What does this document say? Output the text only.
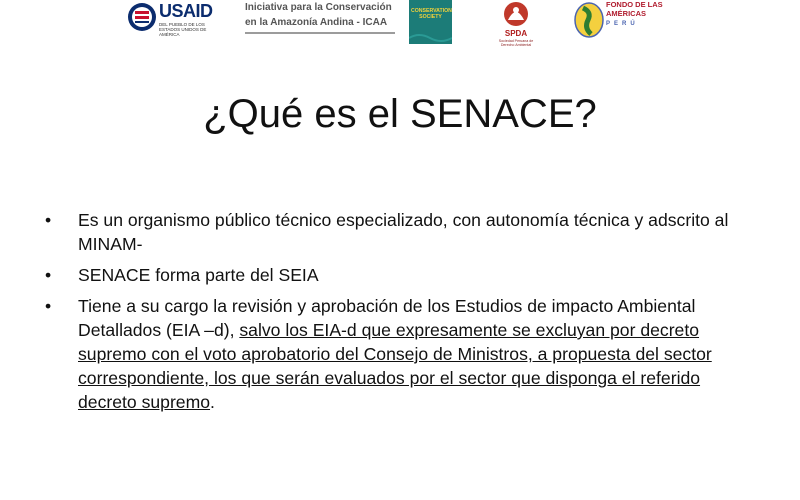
USAID
DEL PUEBLO DE LOS ESTADOS UNIDOS DE AMÉRICA
Iniciativa para la Conservación
en la Amazonía Andina - ICAA
CONSERVATION SOCIETY
SPDA
Sociedad Peruana de Derecho Ambiental
FONDO DE LAS
AMÉRICAS
PERÚ
¿Qué es el SENACE?
• Es un organismo público técnico especializado, con autonomía técnica y adscrito al MINAM-
• SENACE forma parte del SEIA
• Tiene a su cargo la revisión y aprobación de los Estudios de impacto Ambiental Detallados (EIA –d), salvo los EIA-d que expresamente se excluyan por decreto supremo con el voto aprobatorio del Consejo de Ministros, a propuesta del sector correspondiente, los que serán evaluados por el sector que disponga el referido decreto supremo.
